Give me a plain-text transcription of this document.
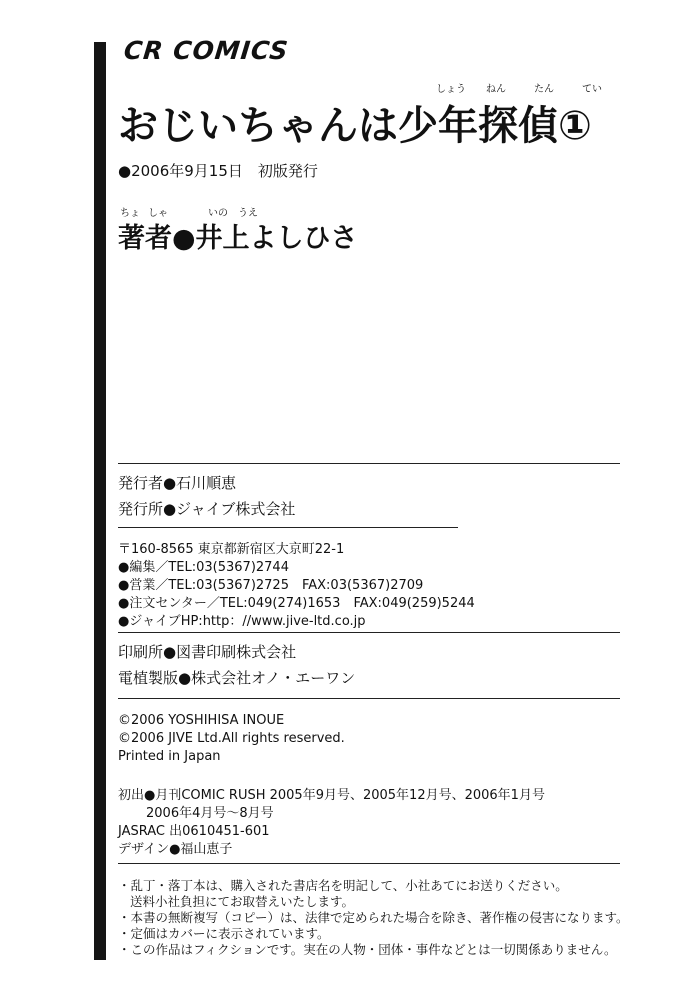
CR COMICS
しょう ねん	たん	てい
おじいちゃんは少年探偵①
●2006年9月15日　初版発行
ちょ しゃ	いの うえ
著者●井上よしひさ
発行者●石川順恵
発行所●ジャイブ株式会社
〒160-8565 東京都新宿区大京町22-1
●編集／TEL:03(5367)2744
●営業／TEL:03(5367)2725　FAX:03(5367)2709
●注文センター／TEL:049(274)1653　FAX:049(259)5244
●ジャイブHP:http：//www.jive-ltd.co.jp
印刷所●図書印刷株式会社
電植製版●株式会社オノ・エーワン
©2006 YOSHIHISA INOUE
©2006 JIVE Ltd.All rights reserved.
Printed in Japan
初出●月刊COMIC RUSH 2005年9月号、2005年12月号、2006年1月号
2006年4月号～8月号
JASRAC 出0610451-601
デザイン●福山恵子
・乱丁・落丁本は、購入された書店名を明記して、小社あてにお送りください。
送料小社負担にてお取替えいたします。
・本書の無断複写（コピー）は、法律で定められた場合を除き、著作権の侵害になります。
・定価はカバーに表示されています。
・この作品はフィクションです。実在の人物・団体・事件などとは一切関係ありません。
